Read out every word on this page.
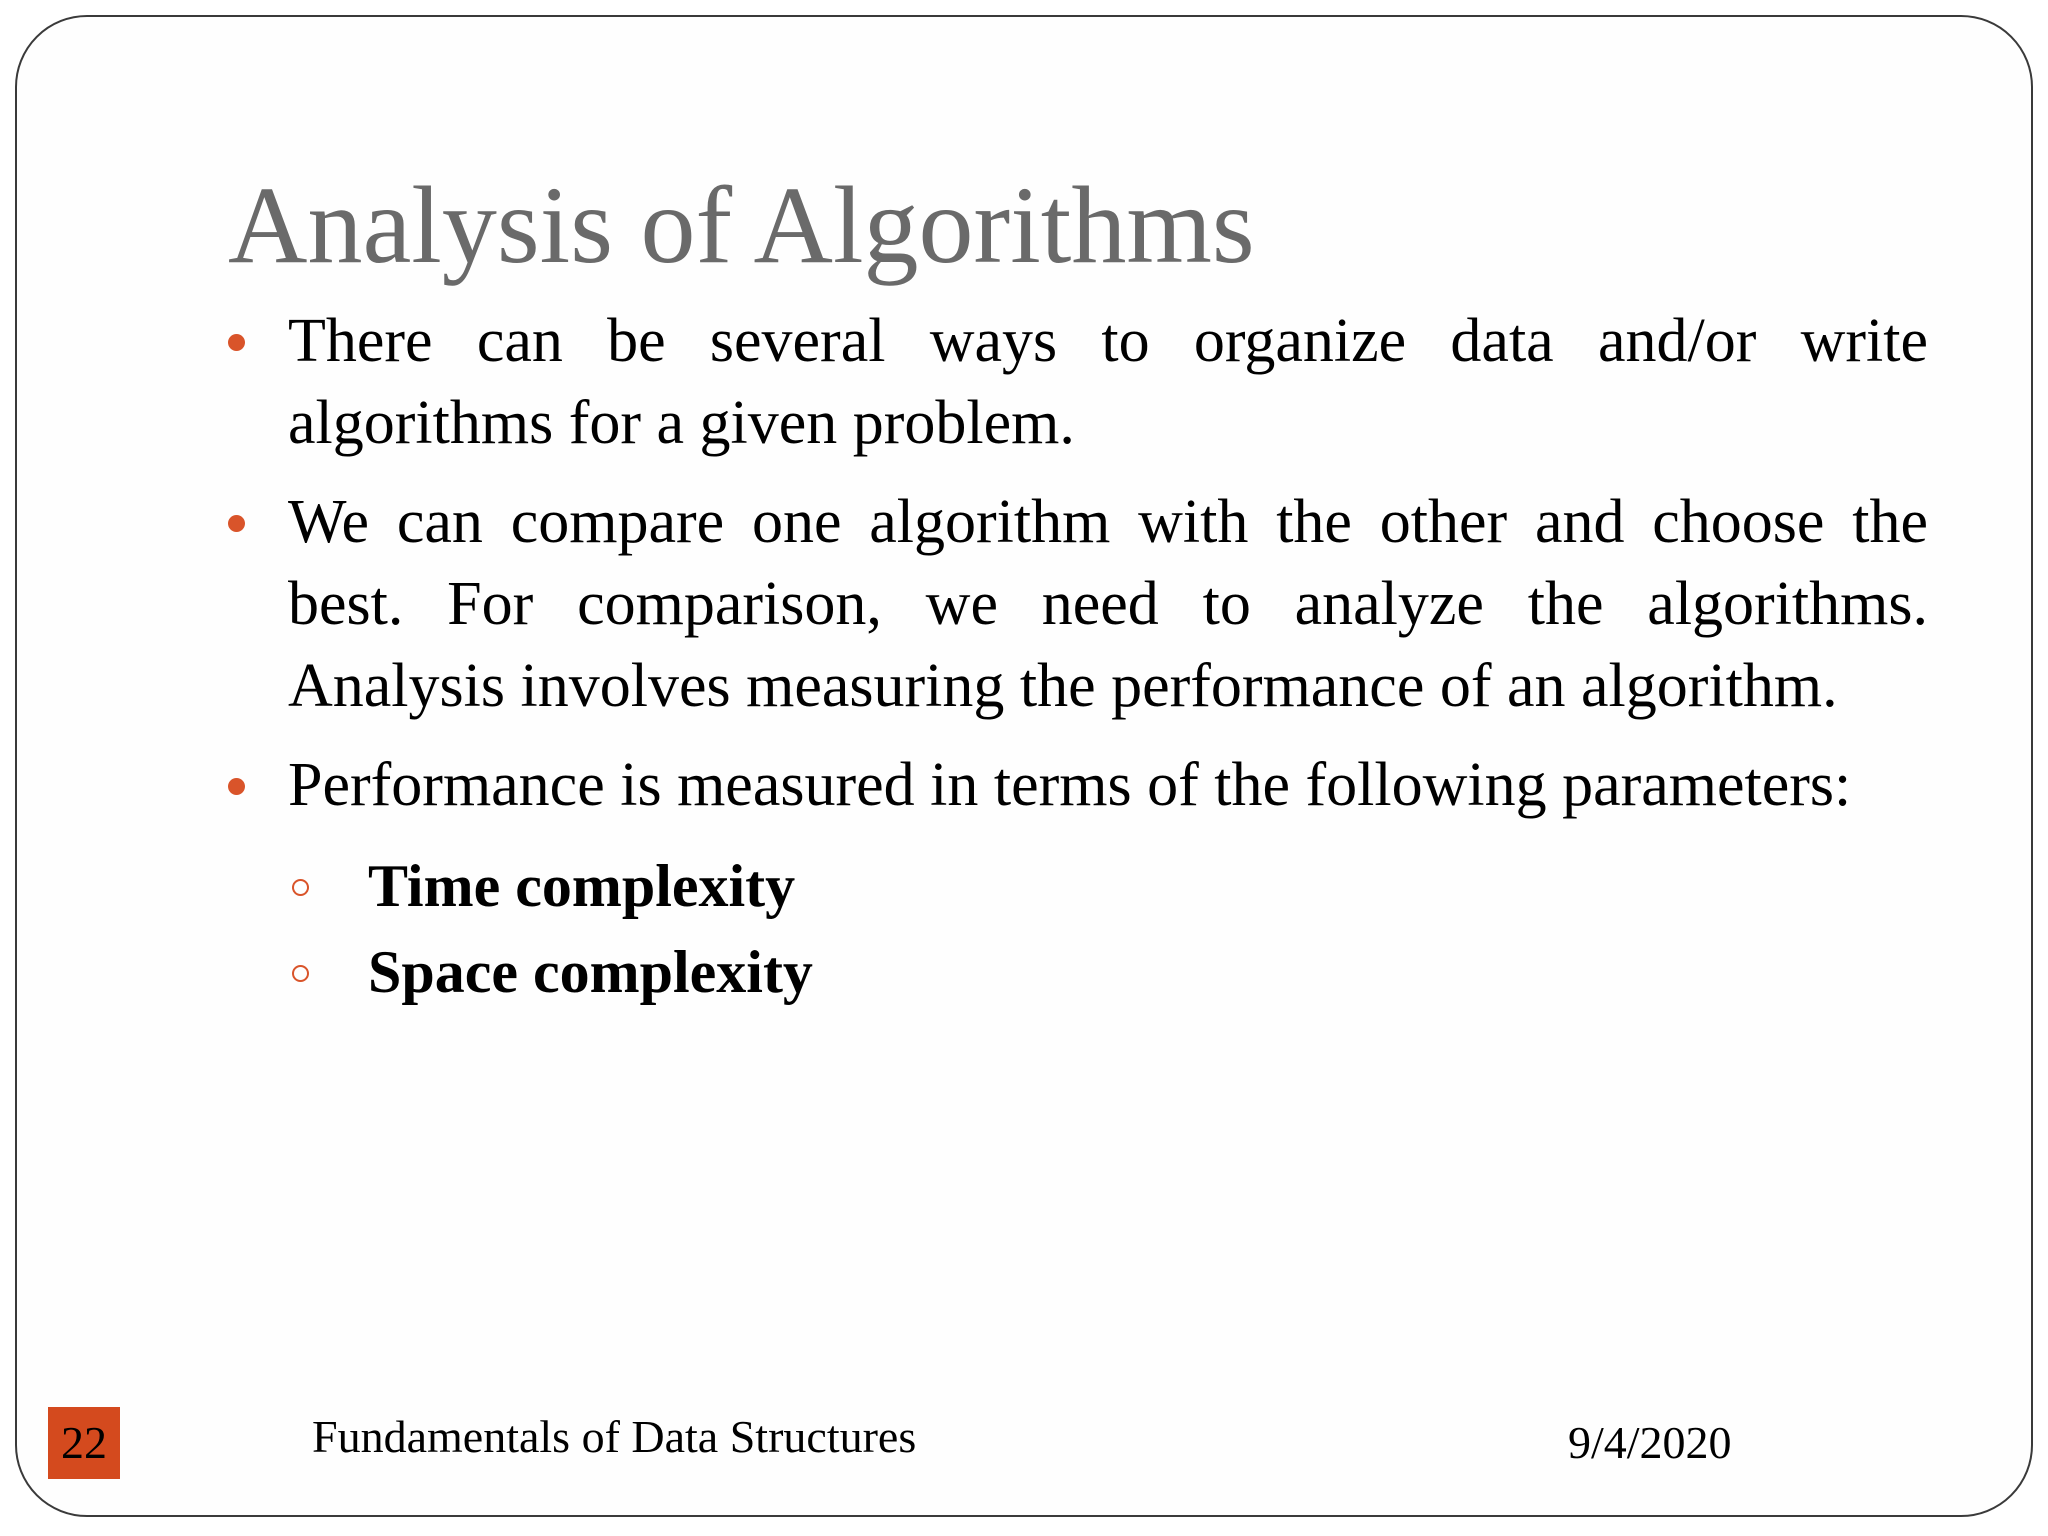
Analysis of Algorithms
There can be several ways to organize data and/or write algorithms for a given problem.
We can compare one algorithm with the other and choose the best. For comparison, we need to analyze the algorithms. Analysis involves measuring the performance of an algorithm.
Performance is measured in terms of the following parameters:
Time complexity
Space complexity
22	Fundamentals of Data Structures	9/4/2020
